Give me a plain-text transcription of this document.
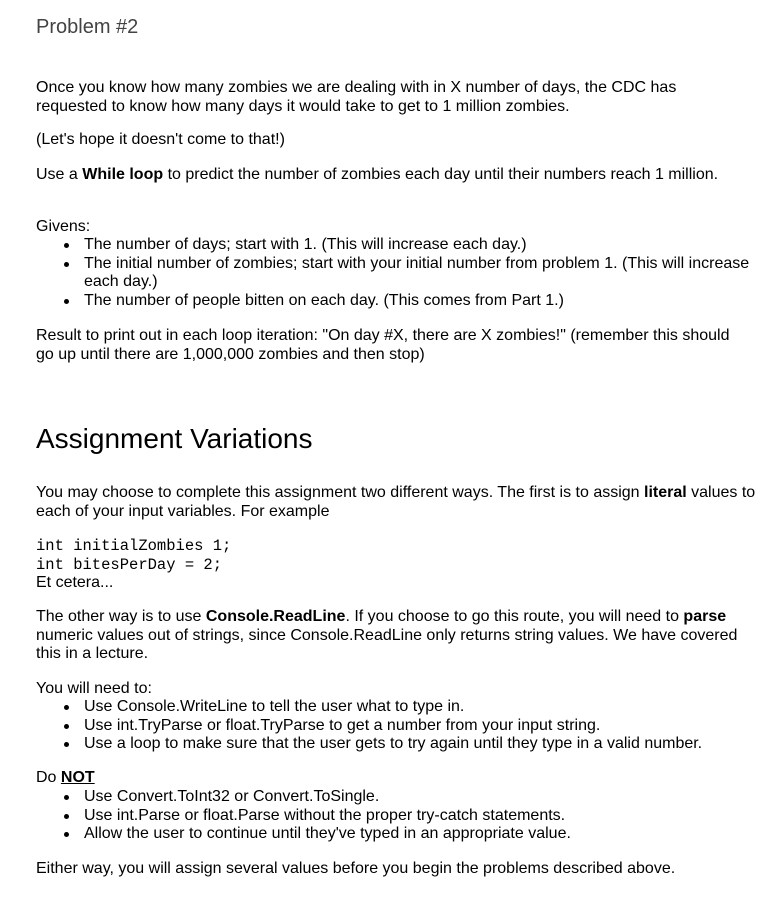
Problem #2

Once you know how many zombies we are dealing with in X number of days, the CDC has requested to know how many days it would take to get to 1 million zombies.

(Let's hope it doesn't come to that!)

Use a While loop to predict the number of zombies each day until their numbers reach 1 million.

Givens:

The number of days; start with 1. (This will increase each day.)
The initial number of zombies; start with your initial number from problem 1. (This will increase each day.)
The number of people bitten on each day. (This comes from Part 1.)

Result to print out in each loop iteration: "On day #X, there are X zombies!" (remember this should go up until there are 1,000,000 zombies and then stop)

Assignment Variations

You may choose to complete this assignment two different ways. The first is to assign literal values to each of your input variables. For example

int initialZombies 1;
int bitesPerDay = 2;

Et cetera...

The other way is to use Console.ReadLine. If you choose to go this route, you will need to parse numeric values out of strings, since Console.ReadLine only returns string values. We have covered this in a lecture.

You will need to:

Use Console.WriteLine to tell the user what to type in.
Use int.TryParse or float.TryParse to get a number from your input string.
Use a loop to make sure that the user gets to try again until they type in a valid number.

Do NOT

Use Convert.ToInt32 or Convert.ToSingle.
Use int.Parse or float.Parse without the proper try-catch statements.
Allow the user to continue until they've typed in an appropriate value.

Either way, you will assign several values before you begin the problems described above.
